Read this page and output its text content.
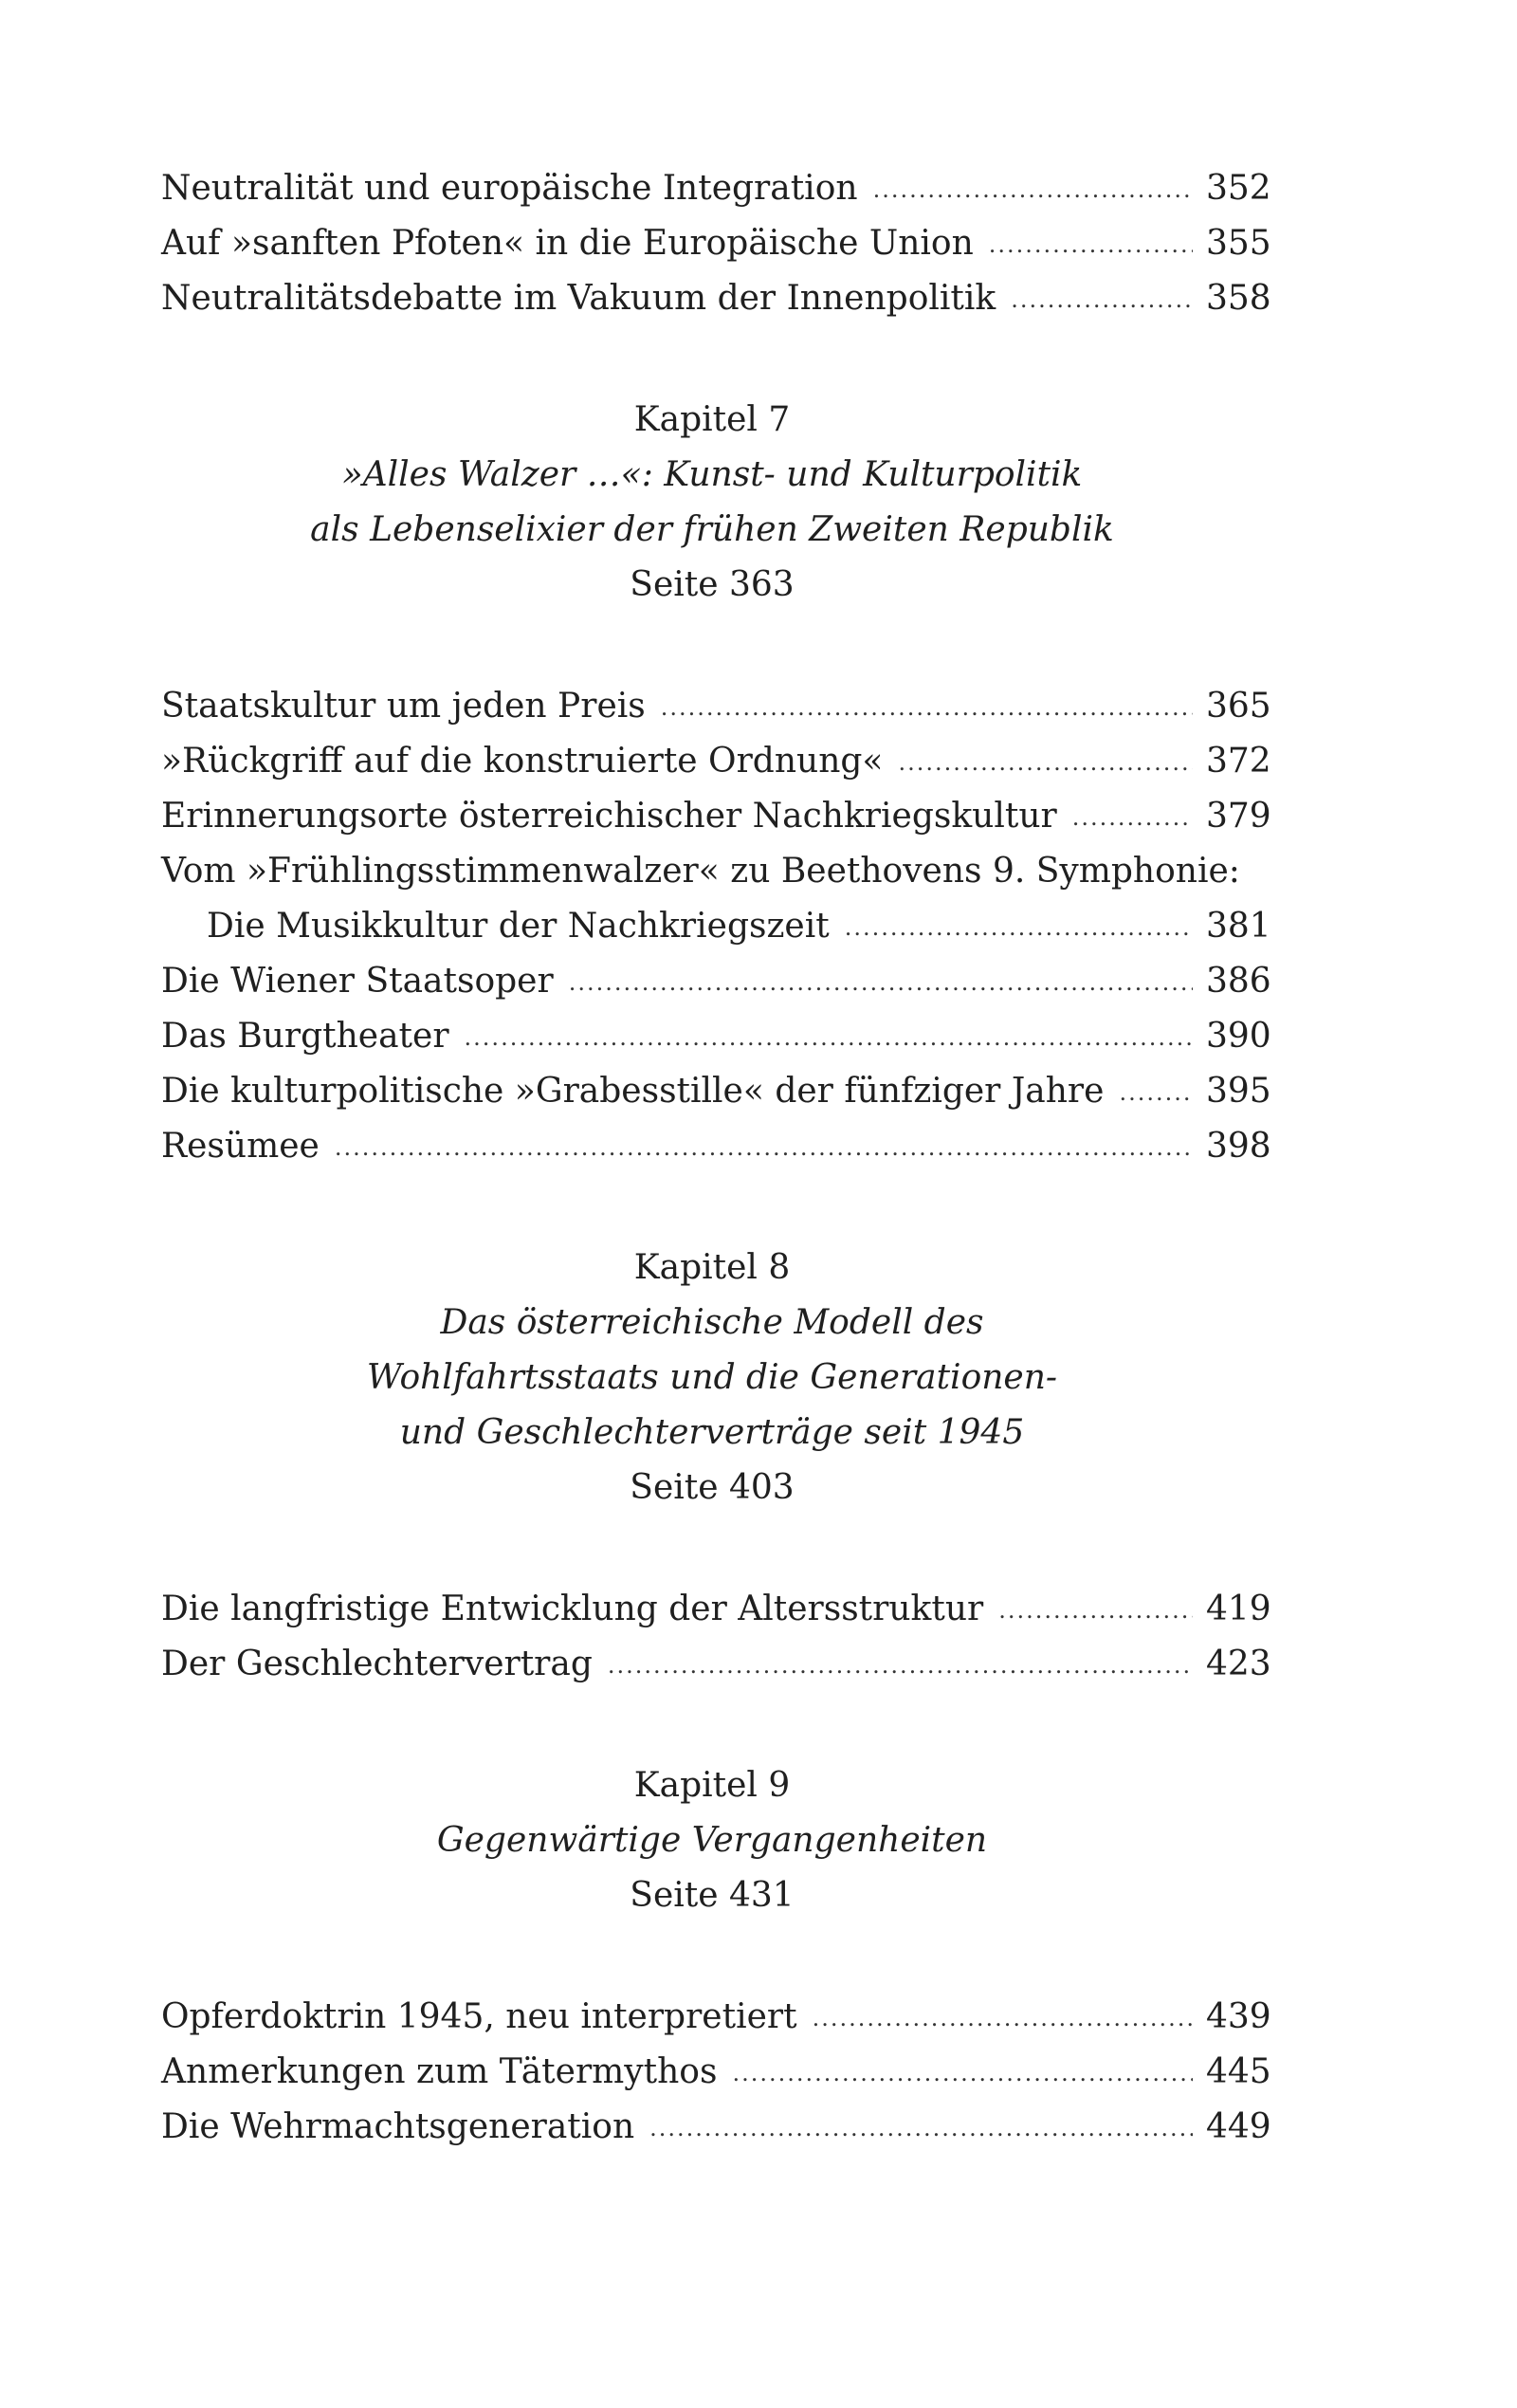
Neutralität und europäische Integration .....	352
Auf »sanften Pfoten« in die Europäische Union .....	355
Neutralitätsdebatte im Vakuum der Innenpolitik .....	358
Kapitel 7
»Alles Walzer …«: Kunst- und Kulturpolitik
als Lebenselixier der frühen Zweiten Republik
Seite 363
Staatskultur um jeden Preis .....	365
»Rückgriff auf die konstruierte Ordnung« .....	372
Erinnerungsorte österreichischer Nachkriegskultur .....	379
Vom »Frühlingsstimmenwalzer« zu Beethovens 9. Symphonie:
Die Musikkultur der Nachkriegszeit .....	381
Die Wiener Staatsoper .....	386
Das Burgtheater .....	390
Die kulturpolitische »Grabesstille« der fünfziger Jahre .....	395
Resümee .....	398
Kapitel 8
Das österreichische Modell des
Wohlfahrtsstaats und die Generationen-
und Geschlechterverträge seit 1945
Seite 403
Die langfristige Entwicklung der Altersstruktur .....	419
Der Geschlechtervertrag .....	423
Kapitel 9
Gegenwärtige Vergangenheiten
Seite 431
Opferdoktrin 1945, neu interpretiert .....	439
Anmerkungen zum Tätermythos .....	445
Die Wehrmachtsgeneration .....	449
